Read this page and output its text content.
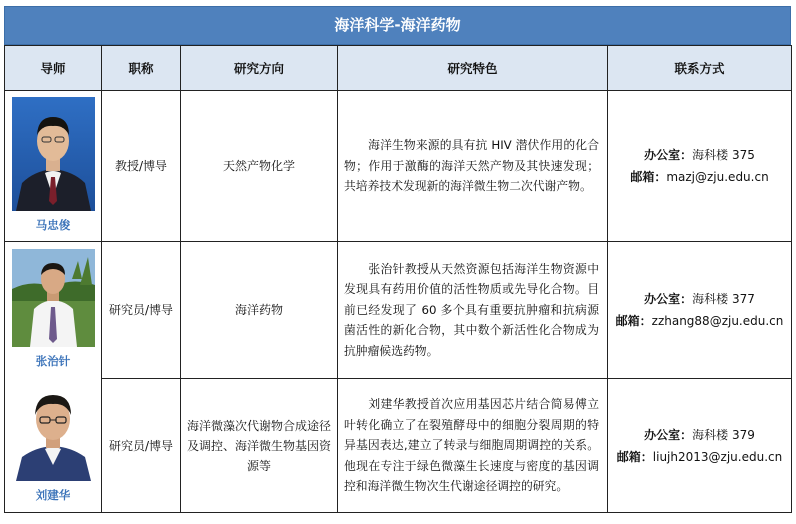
海洋科学-海洋药物
导师	职称	研究方向	研究特色	联系方式

马忠俊	教授/博导	天然产物化学	海洋生物来源的具有抗 HIV 潜伏作用的化合物；作用于激酶的海洋天然产物及其快速发现；共培养技术发现新的海洋微生物二次代谢产物。	办公室：海科楼 375
邮箱：mazj@zju.edu.cn

张治针	研究员/博导	海洋药物	张治针教授从天然资源包括海洋生物资源中发现具有药用价值的活性物质或先导化合物。目前已经发现了 60 多个具有重要抗肿瘤和抗病源菌活性的新化合物，其中数个新活性化合物成为抗肿瘤候选药物。	办公室：海科楼 377
邮箱：zzhang88@zju.edu.cn

刘建华	研究员/博导	海洋微藻次代谢物合成途径及调控、海洋微生物基因资源等	刘建华教授首次应用基因芯片结合简易傅立叶转化确立了在裂殖酵母中的细胞分裂周期的特异基因表达,建立了转录与细胞周期调控的关系。他现在专注于绿色微藻生长速度与密度的基因调控和海洋微生物次生代谢途径调控的研究。	办公室：海科楼 379
邮箱：liujh2013@zju.edu.cn
